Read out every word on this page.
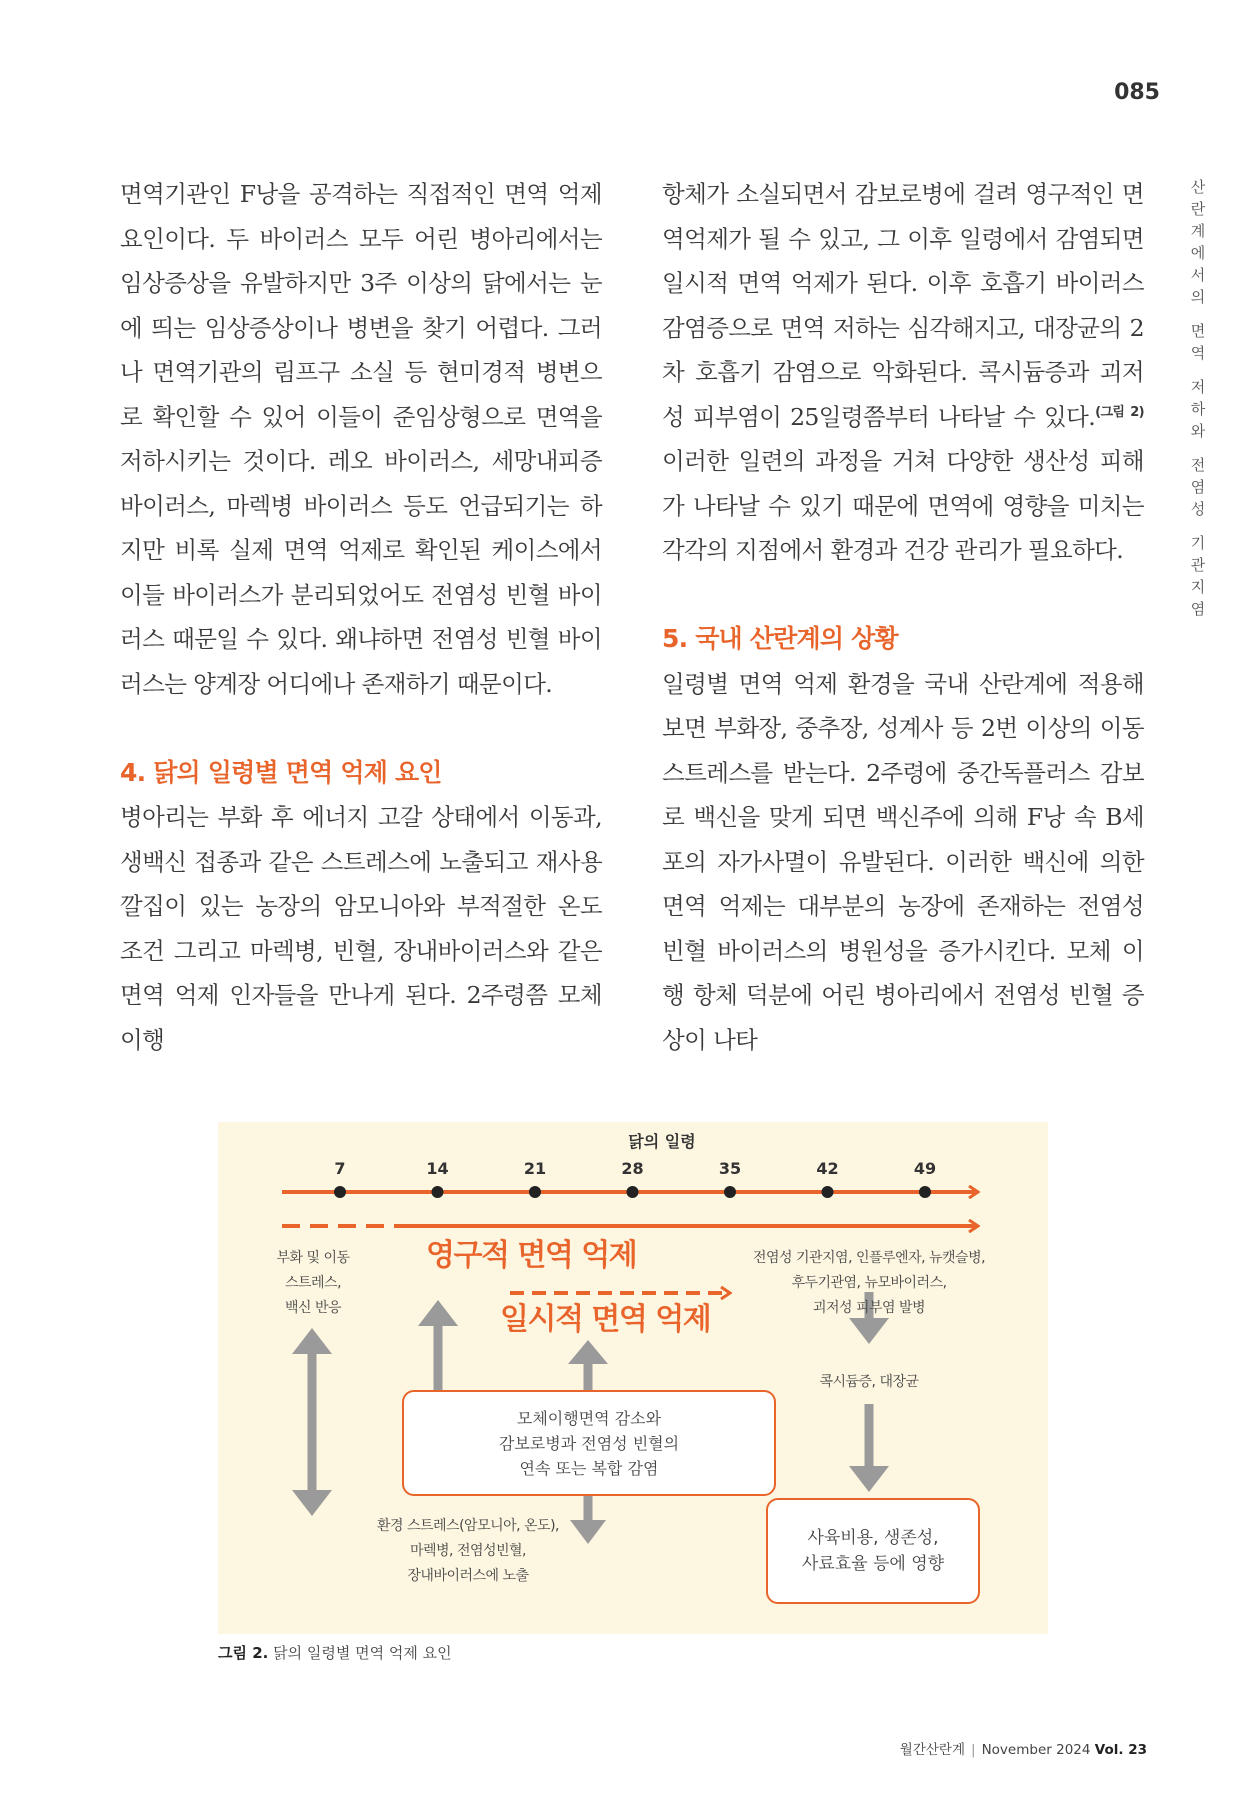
085
산
란
계
에
서
의
면
역
저
하
와
전
염
성
기
관
지
염

면역기관인 F낭을 공격하는 직접적인 면역 억제 요인이다. 두 바이러스 모두 어린 병아리에서는 임상증상을 유발하지만 3주 이상의 닭에서는 눈에 띄는 임상증상이나 병변을 찾기 어렵다. 그러나 면역기관의 림프구 소실 등 현미경적 병변으로 확인할 수 있어 이들이 준임상형으로 면역을 저하시키는 것이다. 레오 바이러스, 세망내피증 바이러스, 마렉병 바이러스 등도 언급되기는 하지만 비록 실제 면역 억제로 확인된 케이스에서 이들 바이러스가 분리되었어도 전염성 빈혈 바이러스 때문일 수 있다. 왜냐하면 전염성 빈혈 바이러스는 양계장 어디에나 존재하기 때문이다.

4. 닭의 일령별 면역 억제 요인

병아리는 부화 후 에너지 고갈 상태에서 이동과, 생백신 접종과 같은 스트레스에 노출되고 재사용 깔집이 있는 농장의 암모니아와 부적절한 온도 조건 그리고 마렉병, 빈혈, 장내바이러스와 같은 면역 억제 인자들을 만나게 된다. 2주령쯤 모체이행

항체가 소실되면서 감보로병에 걸려 영구적인 면역억제가 될 수 있고, 그 이후 일령에서 감염되면 일시적 면역 억제가 된다. 이후 호흡기 바이러스 감염증으로 면역 저하는 심각해지고, 대장균의 2차 호흡기 감염으로 악화된다. 콕시듐증과 괴저성 피부염이 25일령쯤부터 나타날 수 있다.$^{(그림 2)}$ 이러한 일련의 과정을 거쳐 다양한 생산성 피해가 나타날 수 있기 때문에 면역에 영향을 미치는 각각의 지점에서 환경과 건강 관리가 필요하다.

5. 국내 산란계의 상황

일령별 면역 억제 환경을 국내 산란계에 적용해 보면 부화장, 중추장, 성계사 등 2번 이상의 이동 스트레스를 받는다. 2주령에 중간독플러스 감보로 백신을 맞게 되면 백신주에 의해 F낭 속 B세포의 자가사멸이 유발된다. 이러한 백신에 의한 면역 억제는 대부분의 농장에 존재하는 전염성 빈혈 바이러스의 병원성을 증가시킨다. 모체 이행 항체 덕분에 어린 병아리에서 전염성 빈혈 증상이 나타

7	14	21	28	35	42	49
닭의 일령
부화 및 이동
스트레스,
백신 반응
영구적 면역 억제
일시적 면역 억제
전염성 기관지염, 인플루엔자, 뉴캣슬병,
후두기관염, 뉴모바이러스,
괴저성 피부염 발병
콕시듐증, 대장균
모체이행면역 감소와
감보로병과 전염성 빈혈의
연속 또는 복합 감염
환경 스트레스(암모니아, 온도),
마렉병, 전염성빈혈,
장내바이러스에 노출
사육비용, 생존성,
사료효율 등에 영향
그림 2. 닭의 일령별 면역 억제 요인
월간산란계 | November 2024 Vol. 23
